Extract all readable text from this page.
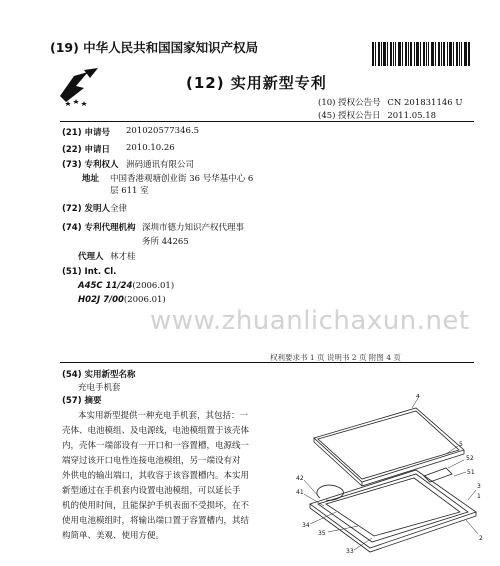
(19) 中华人民共和国国家知识产权局
(12) 实用新型专利
(10) 授权公告号 CN 201831146 U
(45) 授权公告日 2011.05.18
(21) 申请号 201020577346.5
(22) 申请日 2010.10.26
(73) 专利权人 洲码通讯有限公司
地址 中国香港观塘创业街 36 号华基中心 6
层 611 室
(72) 发明人 全律
(74) 专利代理机构 深圳市德力知识产权代理事
务所 44265
代理人 林才桂
(51) Int. Cl.
A45C 11/24(2006.01)
H02J 7/00(2006.01)
www.zhuanlichaxun.net
权利要求书 1 页 说明书 2 页 附图 4 页
(54) 实用新型名称
充电手机套
(57) 摘要
本实用新型提供一种充电手机套，其包括：一
壳体、电池模组、及电源线，电池模组置于该壳体
内，壳体一端部设有一开口和一容置槽，电源线一
端穿过该开口电性连接电池模组，另一端设有对
外供电的输出端口，其收容于该容置槽内。本实用
新型通过在手机套内设置电池模组，可以延长手
机的使用时间，且能保护手机表面不受损坏，在不
使用电池模组时，将输出端口置于容置槽内，其结
构简单、美观、使用方便。
4
5
52
51
3
1
42
41
34
35
33
2
